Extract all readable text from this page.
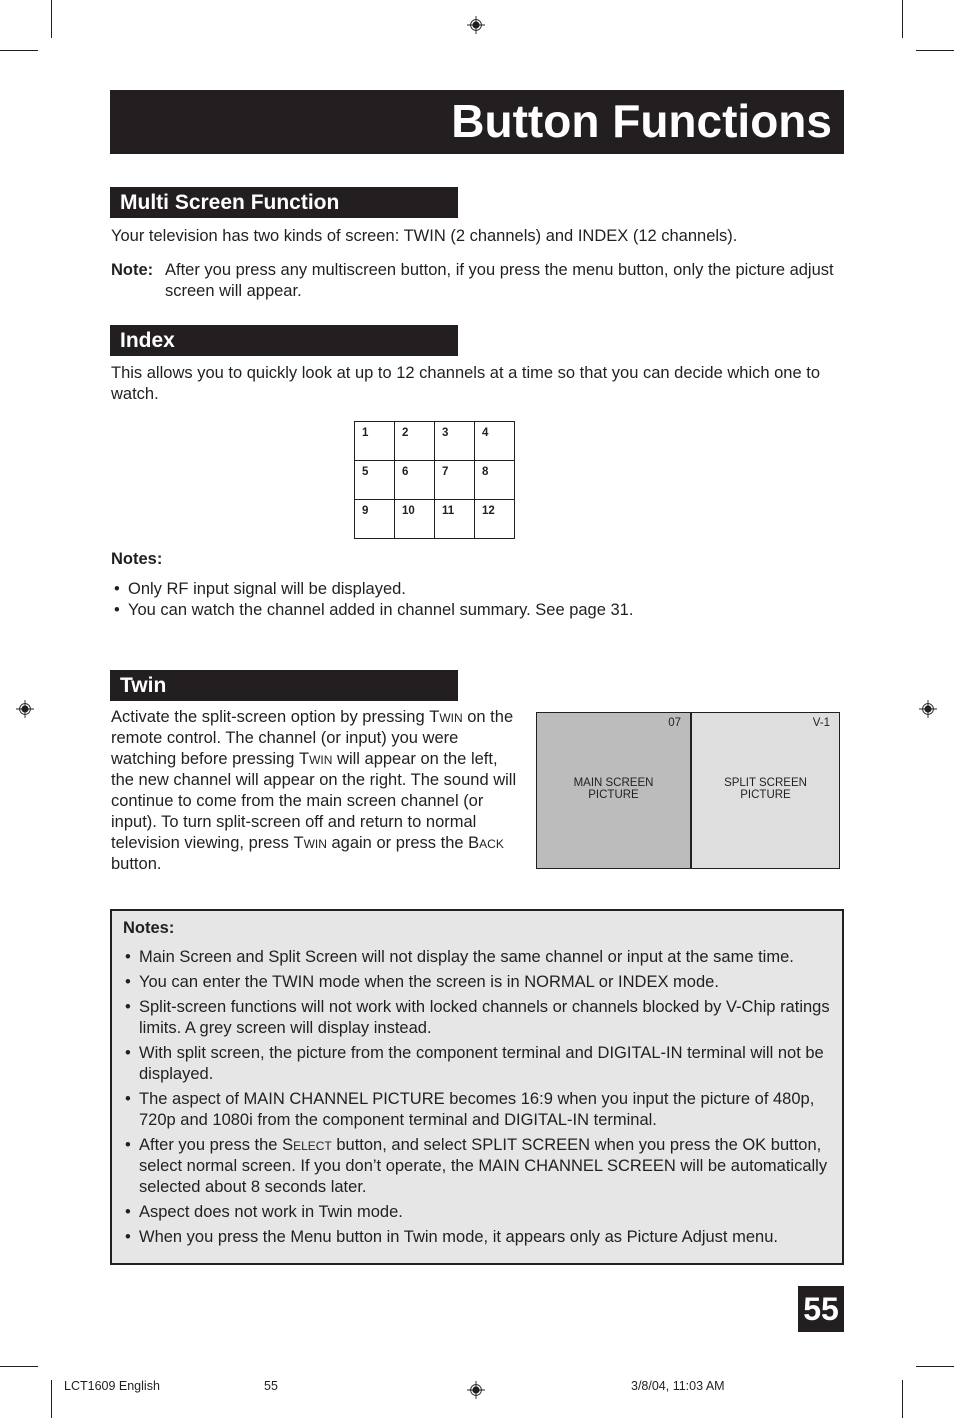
Button Functions
Multi Screen Function
Your television has two kinds of screen: TWIN (2 channels) and INDEX (12 channels).
Note: After you press any multiscreen button, if you press the menu button, only the picture adjust screen will appear.
Index
This allows you to quickly look at up to 12 channels at a time so that you can decide which one to watch.
1	2	3	4
5	6	7	8
9	10	11	12
Notes:
• Only RF input signal will be displayed.
• You can watch the channel added in channel summary. See page 31.
Twin
Activate the split-screen option by pressing Twin on the remote control. The channel (or input) you were watching before pressing Twin will appear on the left, the new channel will appear on the right. The sound will continue to come from the main screen channel (or input). To turn split-screen off and return to normal television viewing, press Twin again or press the Back button.
07
MAIN SCREEN PICTURE
V-1
SPLIT SCREEN PICTURE
Notes:
• Main Screen and Split Screen will not display the same channel or input at the same time.
• You can enter the TWIN mode when the screen is in NORMAL or INDEX mode.
• Split-screen functions will not work with locked channels or channels blocked by V-Chip ratings limits. A grey screen will display instead.
• With split screen, the picture from the component terminal and DIGITAL-IN terminal will not be displayed.
• The aspect of MAIN CHANNEL PICTURE becomes 16:9 when you input the picture of 480p, 720p and 1080i from the component terminal and DIGITAL-IN terminal.
• After you press the Select button, and select SPLIT SCREEN when you press the OK button, select normal screen. If you don’t operate, the MAIN CHANNEL SCREEN will be automatically selected about 8 seconds later.
• Aspect does not work in Twin mode.
• When you press the Menu button in Twin mode, it appears only as Picture Adjust menu.
55
LCT1609 English	55	3/8/04, 11:03 AM
